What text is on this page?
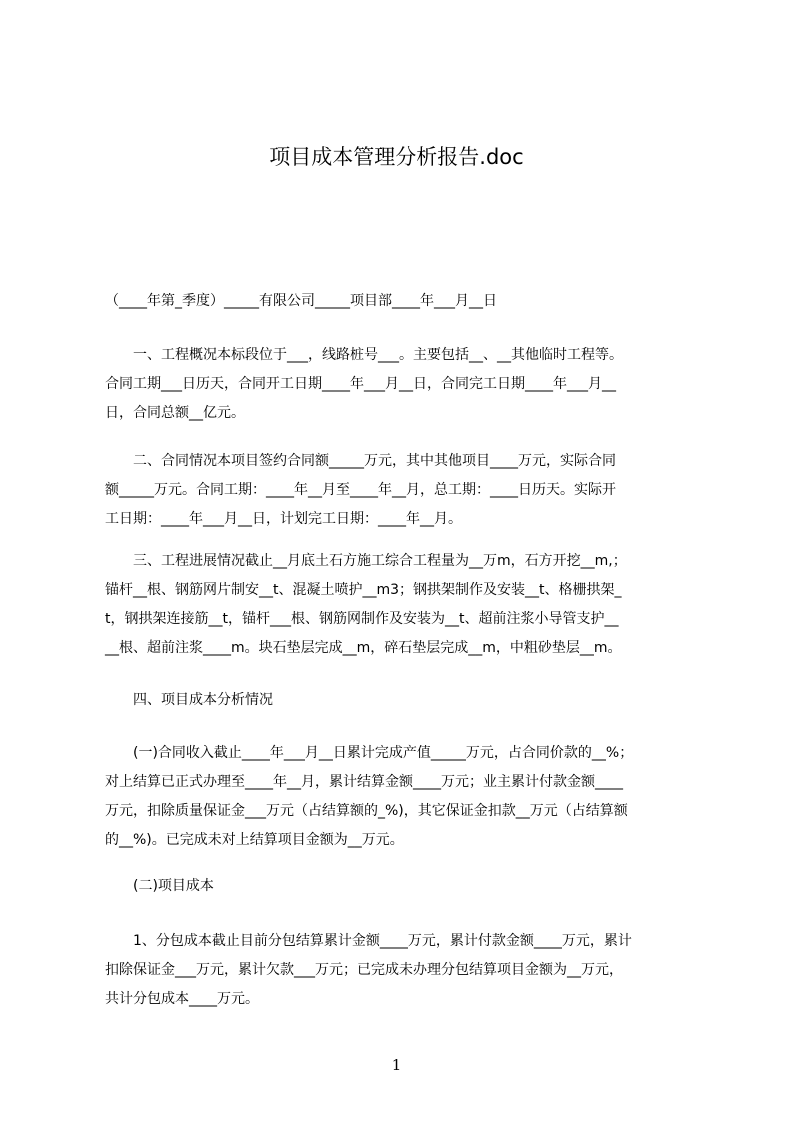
项目成本管理分析报告.doc
（____年第_季度）_____有限公司_____项目部____年___月__日
　　一、工程概况本标段位于___，线路桩号___。主要包括__、__其他临时工程等。
合同工期___日历天，合同开工日期____年___月__日，合同完工日期____年___月__
日，合同总额__亿元。
　　二、合同情况本项目签约合同额_____万元，其中其他项目____万元，实际合同
额_____万元。合同工期：____年__月至____年__月，总工期：____日历天。实际开
工日期：____年___月__日，计划完工日期：____年__月。
　　三、工程进展情况截止__月底土石方施工综合工程量为__万m，石方开挖__m,；
锚杆__根、钢筋网片制安__t、混凝土喷护__m3；钢拱架制作及安装__t、格栅拱架_
t，钢拱架连接筋__t，锚杆___根、钢筋网制作及安装为__t、超前注浆小导管支护__
__根、超前注浆____m。块石垫层完成__m，碎石垫层完成__m，中粗砂垫层__m。
　　四、项目成本分析情况
　　(一)合同收入截止____年___月__日累计完成产值_____万元，占合同价款的__%；
对上结算已正式办理至____年__月，累计结算金额____万元；业主累计付款金额____
万元，扣除质量保证金___万元（占结算额的_%)，其它保证金扣款__万元（占结算额
的__%)。已完成未对上结算项目金额为__万元。
　　(二)项目成本
　　1、分包成本截止目前分包结算累计金额____万元，累计付款金额____万元，累计
扣除保证金___万元，累计欠款___万元；已完成未办理分包结算项目金额为__万元，
共计分包成本____万元。
1
